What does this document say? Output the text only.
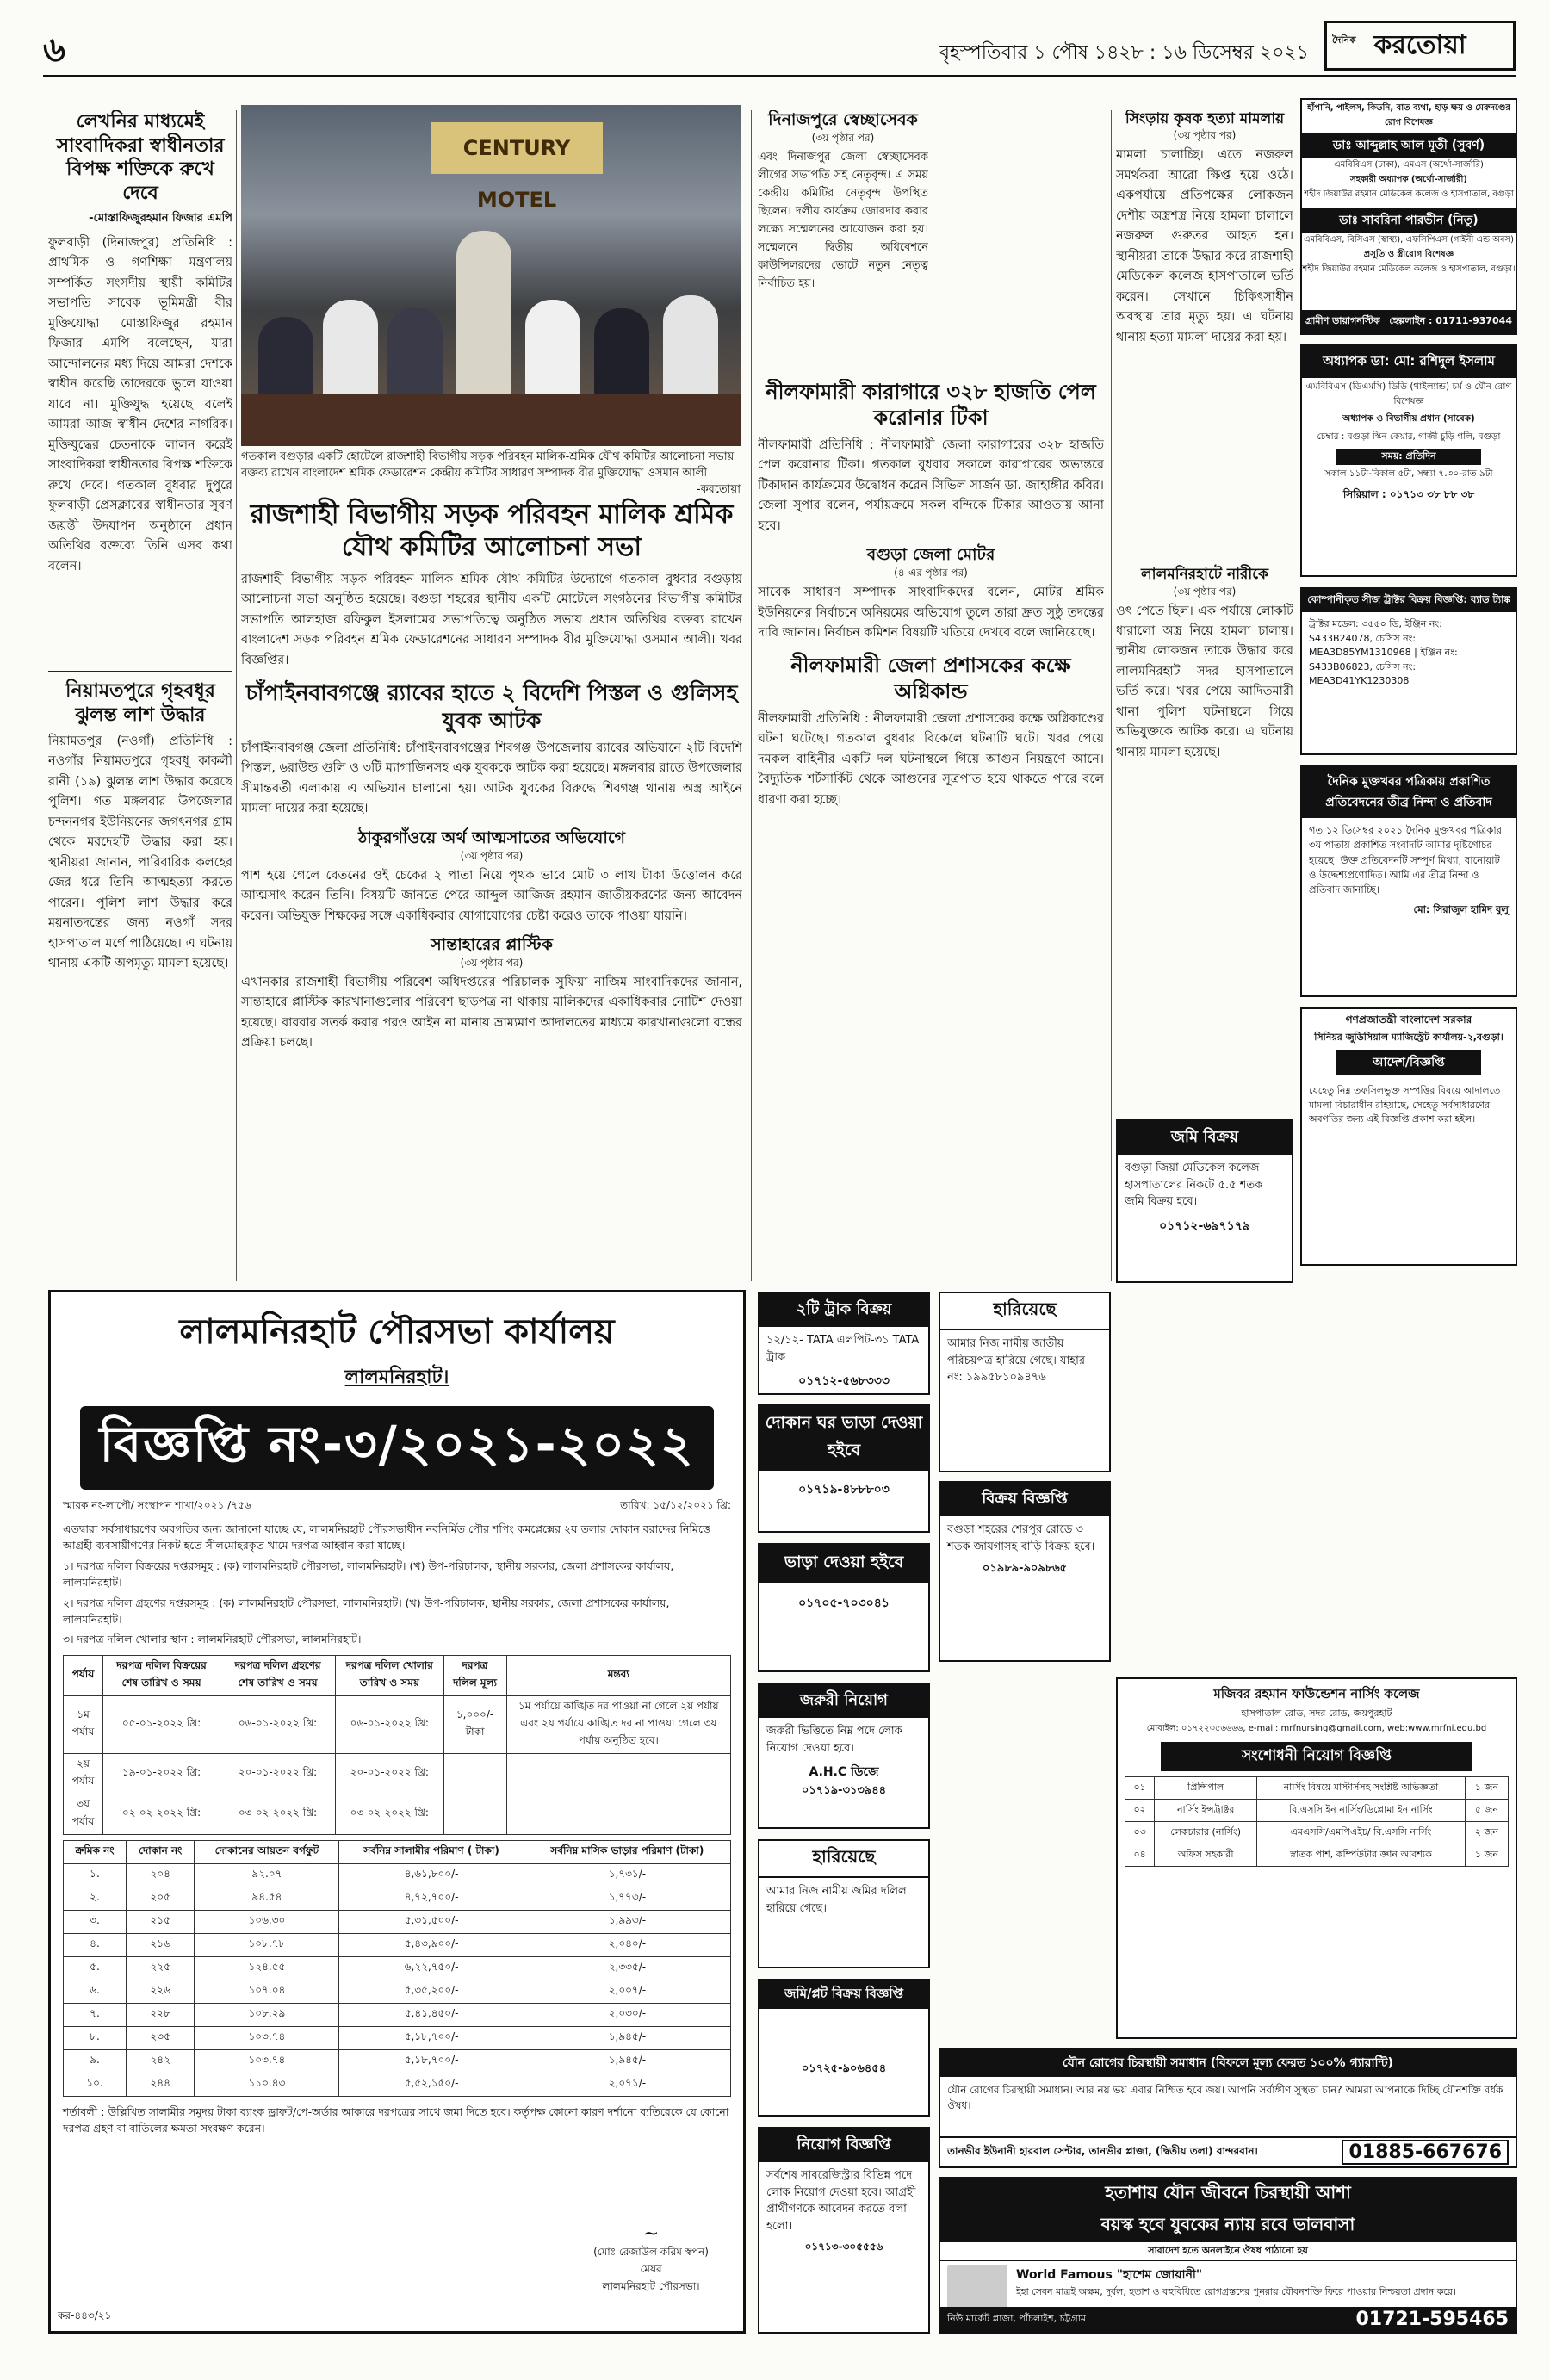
৬	বৃহস্পতিবার ১ পৌষ ১৪২৮ : ১৬ ডিসেম্বর ২০২১
দৈনিক করতোয়া
লেখনির মাধ্যমেই সাংবাদিকরা স্বাধীনতার বিপক্ষ শক্তিকে রুখে দেবে
-মোস্তাফিজুরহমান ফিজার এমপি
ফুলবাড়ী (দিনাজপুর) প্রতিনিধি : প্রাথমিক ও গণশিক্ষা মন্ত্রণালয় সম্পর্কিত সংসদীয় স্থায়ী কমিটির সভাপতি সাবেক ভূমিমন্ত্রী বীর মুক্তিযোদ্ধা মোস্তাফিজুর রহমান ফিজার এমপি বলেছেন, যারা আন্দোলনের মধ্য দিয়ে আমরা দেশকে স্বাধীন করেছি তাদেরকে ভুলে যাওয়া যাবে না। মুক্তিযুদ্ধ হয়েছে বলেই আমরা আজ স্বাধীন দেশের নাগরিক। মুক্তিযুদ্ধের চেতনাকে লালন করেই সাংবাদিকরা স্বাধীনতার বিপক্ষ শক্তিকে রুখে দেবে। গতকাল বুধবার দুপুরে ফুলবাড়ী প্রেসক্লাবের স্বাধীনতার সুবর্ণ জয়ন্তী উদযাপন অনুষ্ঠানে প্রধান অতিথির বক্তব্যে তিনি এসব কথা বলেন।
নিয়ামতপুরে গৃহবধূর ঝুলন্ত লাশ উদ্ধার
নিয়ামতপুর (নওগাঁ) প্রতিনিধি : নওগাঁর নিয়ামতপুরে গৃহবধূ কাকলী রানী (১৯) ঝুলন্ত লাশ উদ্ধার করেছে পুলিশ। গত মঙ্গলবার উপজেলার চন্দননগর ইউনিয়নের জগৎনগর গ্রাম থেকে মরদেহটি উদ্ধার করা হয়। স্থানীয়রা জানান, পারিবারিক কলহের জের ধরে তিনি আত্মহত্যা করতে পারেন। পুলিশ লাশ উদ্ধার করে ময়নাতদন্তের জন্য নওগাঁ সদর হাসপাতাল মর্গে পাঠিয়েছে। এ ঘটনায় থানায় একটি অপমৃত্যু মামলা হয়েছে।
CENTURY MOTEL
গতকাল বগুড়ার একটি হোটেলে রাজশাহী বিভাগীয় সড়ক পরিবহন মালিক-শ্রমিক যৌথ কমিটির আলোচনা সভায় বক্তব্য রাখেন বাংলাদেশ শ্রমিক ফেডারেশন কেন্দ্রীয় কমিটির সাধারণ সম্পাদক বীর মুক্তিযোদ্ধা ওসমান আলী
-করতোয়া
রাজশাহী বিভাগীয় সড়ক পরিবহন মালিক শ্রমিক যৌথ কমিটির আলোচনা সভা
রাজশাহী বিভাগীয় সড়ক পরিবহন মালিক শ্রমিক যৌথ কমিটির উদ্যোগে গতকাল বুধবার বগুড়ায় আলোচনা সভা অনুষ্ঠিত হয়েছে। বগুড়া শহরের স্থানীয় একটি মোটেলে সংগঠনের বিভাগীয় কমিটির সভাপতি আলহাজ রফিকুল ইসলামের সভাপতিত্বে অনুষ্ঠিত সভায় প্রধান অতিথির বক্তব্য রাখেন বাংলাদেশ সড়ক পরিবহন শ্রমিক ফেডারেশনের সাধারণ সম্পাদক বীর মুক্তিযোদ্ধা ওসমান আলী। খবর বিজ্ঞপ্তির।
চাঁপাইনবাবগঞ্জে র‌্যাবের হাতে ২ বিদেশি পিস্তল ও গুলিসহ যুবক আটক
চাঁপাইনবাবগঞ্জ জেলা প্রতিনিধি: চাঁপাইনবাবগঞ্জের শিবগঞ্জ উপজেলায় র‌্যাবের অভিযানে ২টি বিদেশি পিস্তল, ৬রাউন্ড গুলি ও ৩টি ম্যাগাজিনসহ এক যুবককে আটক করা হয়েছে। মঙ্গলবার রাতে উপজেলার সীমান্তবর্তী এলাকায় এ অভিযান চালানো হয়। আটক যুবকের বিরুদ্ধে শিবগঞ্জ থানায় অস্ত্র আইনে মামলা দায়ের করা হয়েছে।
ঠাকুরগাঁওয়ে অর্থ আত্মসাতের অভিযোগে
(৩য় পৃষ্ঠার পর)
পাশ হয়ে গেলে বেতনের ওই চেকের ২ পাতা নিয়ে পৃথক ভাবে মোট ৩ লাখ টাকা উত্তোলন করে আত্মসাৎ করেন তিনি। বিষয়টি জানতে পেরে আব্দুল আজিজ রহমান জাতীয়করণের জন্য আবেদন করেন। অভিযুক্ত শিক্ষকের সঙ্গে একাধিকবার যোগাযোগের চেষ্টা করেও তাকে পাওয়া যায়নি।
সান্তাহারের প্লাস্টিক
(৩য় পৃষ্ঠার পর)
এখানকার রাজশাহী বিভাগীয় পরিবেশ অধিদপ্তরের পরিচালক সুফিয়া নাজিম সাংবাদিকদের জানান, সান্তাহারে প্লাস্টিক কারখানাগুলোর পরিবেশ ছাড়পত্র না থাকায় মালিকদের একাধিকবার নোটিশ দেওয়া হয়েছে। বারবার সতর্ক করার পরও আইন না মানায় ভ্রাম্যমাণ আদালতের মাধ্যমে কারখানাগুলো বন্ধের প্রক্রিয়া চলছে।
দিনাজপুরে স্বেচ্ছাসেবক
(৩য় পৃষ্ঠার পর)
এবং দিনাজপুর জেলা স্বেচ্ছাসেবক লীগের সভাপতি সহ নেতৃবৃন্দ। এ সময় কেন্দ্রীয় কমিটির নেতৃবৃন্দ উপস্থিত ছিলেন। দলীয় কার্যক্রম জোরদার করার লক্ষ্যে সম্মেলনের আয়োজন করা হয়। সম্মেলনে দ্বিতীয় অধিবেশনে কাউন্সিলরদের ভোটে নতুন নেতৃত্ব নির্বাচিত হয়।
নীলফামারী কারাগারে ৩২৮ হাজতি পেল করোনার টিকা
নীলফামারী প্রতিনিধি : নীলফামারী জেলা কারাগারের ৩২৮ হাজতি পেল করোনার টিকা। গতকাল বুধবার সকালে কারাগারের অভ্যন্তরে টিকাদান কার্যক্রমের উদ্বোধন করেন সিভিল সার্জন ডা. জাহাঙ্গীর কবির। জেলা সুপার বলেন, পর্যায়ক্রমে সকল বন্দিকে টিকার আওতায় আনা হবে।
বগুড়া জেলা মোটর
(৪-এর পৃষ্ঠার পর)
সাবেক সাধারণ সম্পাদক সাংবাদিকদের বলেন, মোটর শ্রমিক ইউনিয়নের নির্বাচনে অনিয়মের অভিযোগ তুলে তারা দ্রুত সুষ্ঠু তদন্তের দাবি জানান। নির্বাচন কমিশন বিষয়টি খতিয়ে দেখবে বলে জানিয়েছে।
নীলফামারী জেলা প্রশাসকের কক্ষে অগ্নিকান্ড
নীলফামারী প্রতিনিধি : নীলফামারী জেলা প্রশাসকের কক্ষে অগ্নিকাণ্ডের ঘটনা ঘটেছে। গতকাল বুধবার বিকেলে ঘটনাটি ঘটে। খবর পেয়ে দমকল বাহিনীর একটি দল ঘটনাস্থলে গিয়ে আগুন নিয়ন্ত্রণে আনে। বৈদ্যুতিক শর্টসার্কিট থেকে আগুনের সূত্রপাত হয়ে থাকতে পারে বলে ধারণা করা হচ্ছে।
সিংড়ায় কৃষক হত্যা মামলায়
(৩য় পৃষ্ঠার পর)
মামলা চালাচ্ছি। এতে নজরুল সমর্থকরা আরো ক্ষিপ্ত হয়ে ওঠে। একপর্যায়ে প্রতিপক্ষের লোকজন দেশীয় অস্ত্রশস্ত্র নিয়ে হামলা চালালে নজরুল গুরুতর আহত হন। স্থানীয়রা তাকে উদ্ধার করে রাজশাহী মেডিকেল কলেজ হাসপাতালে ভর্তি করেন। সেখানে চিকিৎসাধীন অবস্থায় তার মৃত্যু হয়। এ ঘটনায় থানায় হত্যা মামলা দায়ের করা হয়।
লালমনিরহাটে নারীকে
(৩য় পৃষ্ঠার পর)
ওৎ পেতে ছিল। এক পর্যায়ে লোকটি ধারালো অস্ত্র নিয়ে হামলা চালায়। স্থানীয় লোকজন তাকে উদ্ধার করে লালমনিরহাট সদর হাসপাতালে ভর্তি করে। খবর পেয়ে আদিতমারী থানা পুলিশ ঘটনাস্থলে গিয়ে অভিযুক্তকে আটক করে। এ ঘটনায় থানায় মামলা হয়েছে।
হাঁপানি, পাইলস, কিডনি, বাত ব্যথা, হাড় ক্ষয় ও মেরুদণ্ডের রোগ বিশেষজ্ঞ
ডাঃ আব্দুল্লাহ আল মূতী (সুবর্ণ)
এমবিবিএস (ঢাকা), এমএস (অর্থো-সার্জারি)
সহকারী অধ্যাপক (অর্থো-সার্জারী)
শহীদ জিয়াউর রহমান মেডিকেল কলেজ ও হাসপাতাল, বগুড়া
ডাঃ সাবরিনা পারভীন (নিতু)
এমবিবিএস, বিসিএস (স্বাস্থ্য), এফসিপিএস (গাইনী এন্ড অবস)
প্রসূতি ও স্ত্রীরোগ বিশেষজ্ঞ
শহীদ জিয়াউর রহমান মেডিকেল কলেজ ও হাসপাতাল, বগুড়া।
গ্রামীণ ডায়াগনস্টিক হেল্পলাইন : 01711-937044
অধ্যাপক ডা: মো: রশিদুল ইসলাম
এমবিবিএস (ডিএমসি) ডিডি (থাইল্যান্ড) চর্ম ও যৌন রোগ বিশেষজ্ঞ
অধ্যাপক ও বিভাগীয় প্রধান (সাবেক)
চেম্বার : বগুড়া স্কিন কেয়ার, গাজী চুড়ি গলি, বগুড়া
সময়: প্রতিদিন
সকাল ১১টা-বিকাল ৫টা, সন্ধ্যা ৭.৩০-রাত ৯টা
সিরিয়াল : ০১৭১৩ ৩৮ ৮৮ ৩৮
কোম্পানীকৃত সীজ ট্রাক্টর বিক্রয় বিজ্ঞপ্তি: ব্যাড ট্যাঙ্ক
ট্রাক্টর মডেল: ৩৫৫০ ডি, ইঞ্জিন নং: S433B24078, চেসিস নং: MEA3D85YM1310968 | ইঞ্জিন নং: S433B06823, চেসিস নং: MEA3D41YK1230308
দৈনিক মুক্তখবর পত্রিকায় প্রকাশিত প্রতিবেদনের তীব্র নিন্দা ও প্রতিবাদ
গত ১২ ডিসেম্বর ২০২১ দৈনিক মুক্তখবর পত্রিকার ৩য় পাতায় প্রকাশিত সংবাদটি আমার দৃষ্টিগোচর হয়েছে। উক্ত প্রতিবেদনটি সম্পূর্ণ মিথ্যা, বানোয়াট ও উদ্দেশ্যপ্রণোদিত। আমি এর তীব্র নিন্দা ও প্রতিবাদ জানাচ্ছি।
মো: সিরাজুল হামিদ বুলু
গণপ্রজাতন্ত্রী বাংলাদেশ সরকার
সিনিয়র জুডিসিয়াল ম্যাজিস্ট্রেট কার্যালয়-২,বগুড়া।
আদেশ/বিজ্ঞপ্তি
যেহেতু নিম্ন তফসিলভুক্ত সম্পত্তির বিষয়ে আদালতে মামলা বিচারাধীন রহিয়াছে, সেহেতু সর্বসাধারণের অবগতির জন্য এই বিজ্ঞপ্তি প্রকাশ করা হইল।
জমি বিক্রয়
বগুড়া জিয়া মেডিকেল কলেজ হাসপাতালের নিকটে ৫.৫ শতক জমি বিক্রয় হবে।
০১৭১২-৬৯৭১৭৯
২টি ট্রাক বিক্রয়
১২/১২- TATA এলপিট-৩১ TATA ট্রাক
০১৭১২-৫৬৮৩৩৩
হারিয়েছে
আমার নিজ নামীয় জাতীয় পরিচয়পত্র হারিয়ে গেছে। যাহার নং: ১৯৯৫৮১০৯৪৭৬
দোকান ঘর ভাড়া দেওয়া হইবে
০১৭১৯-৪৮৮৮০৩	বিক্রয় বিজ্ঞপ্তি
বগুড়া শহরের শেরপুর রোডে ৩ শতক জায়গাসহ বাড়ি বিক্রয় হবে।
০১৯৮৯-৯০৯৮৬৫
ভাড়া দেওয়া হইবে
০১৭০৫-৭০৩০৪১
মজিবর রহমান ফাউন্ডেশন নার্সিং কলেজ
হাসপাতাল রোড, সদর রোড, জয়পুরহাট
মোবাইল: ০১৭২২৩৫৬৬৬৬, e-mail: mrfnursing@gmail.com, web:www.mrfni.edu.bd
সংশোধনী নিয়োগ বিজ্ঞপ্তি
০১	প্রিন্সিপাল	নার্সিং বিষয়ে মাস্টার্সসহ সংশ্লিষ্ট অভিজ্ঞতা	১ জন
০২	নার্সিং ইন্সট্রাক্টর	বি.এসসি ইন নার্সিং/ডিপ্লোমা ইন নার্সিং	৫ জন
০৩	লেকচারার (নার্সিং)	এমএসসি/এমপিএইচ/ বি.এসসি নার্সিং	২ জন
০৪	অফিস সহকারী	স্নাতক পাশ, কম্পিউটার জ্ঞান আবশ্যক	১ জন
জরুরী নিয়োগ
জরুরী ভিত্তিতে নিম্ন পদে লোক নিয়োগ দেওয়া হবে।
A.H.C ডিজে
০১৭১৯-৩১৩৯৪৪
হারিয়েছে
আমার নিজ নামীয় জমির দলিল হারিয়ে গেছে।
জমি/প্লট বিক্রয় বিজ্ঞপ্তি
০১৭২৫-৯০৬৪৫৪
নিয়োগ বিজ্ঞপ্তি
সর্বশেষ সাবরেজিস্ট্রার বিভিন্ন পদে লোক নিয়োগ দেওয়া হবে। আগ্রহী প্রার্থীগণকে আবেদন করতে বলা হলো।
০১৭১৩-৩০৫৫৫৬
যৌন রোগের চিরস্থায়ী সমাধান (বিফলে মূল্য ফেরত ১০০% গ্যারান্টি)
যৌন রোগের চিরস্থায়ী সমাধান। আর নয় ভয় এবার নিশ্চিত হবে জয়। আপনি সর্বাঙ্গীণ সুস্থতা চান? আমরা আপনাকে দিচ্ছি যৌনশক্তি বর্ধক ঔষধ।
তানভীর ইউনানী হারবাল সেন্টার, তানভীর প্লাজা, (দ্বিতীয় তলা) বান্দরবান।	01885-667676
হতাশায় যৌন জীবনে চিরস্থায়ী আশা
বয়স্ক হবে যুবকের ন্যায় রবে ভালবাসা
সারাদেশ হতে অনলাইনে ঔষধ পাঠানো হয়
World Famous "হাশেম জোয়ানী"
ইহা সেবন মাত্রই অক্ষম, দুর্বল, হতাশ ও বহুবিধিতে রোগগ্রস্তদের পুনরায় যৌবনশক্তি ফিরে পাওয়ার নিশ্চয়তা প্রদান করে।
নিউ মার্কেট প্লাজা, পাঁচলাইশ, চট্টগ্রাম	01721-595465
লালমনিরহাট পৌরসভা কার্যালয়
লালমনিরহাট।
বিজ্ঞপ্তি নং-৩/২০২১-২০২২
স্মারক নং-লাপৌ/ সংস্থাপন শাখা/২০২১ /৭৫৬	তারিখ: ১৫/১২/২০২১ খ্রি:

এতদ্বারা সর্বসাধারণের অবগতির জন্য জানানো যাচ্ছে যে, লালমনিরহাট পৌরসভাধীন নবনির্মিত পৌর শপিং কমপ্লেক্সের ২য় তলার দোকান বরাদ্দের নিমিত্তে আগ্রহী ব্যবসায়ীগণের নিকট হতে সীলমোহরকৃত খামে দরপত্র আহ্বান করা যাচ্ছে।

১। দরপত্র দলিল বিক্রয়ের দপ্তরসমূহ : (ক) লালমনিরহাট পৌরসভা, লালমনিরহাট। (খ) উপ-পরিচালক, স্থানীয় সরকার, জেলা প্রশাসকের কার্যালয়, লালমনিরহাট।

২। দরপত্র দলিল গ্রহণের দপ্তরসমূহ : (ক) লালমনিরহাট পৌরসভা, লালমনিরহাট। (খ) উপ-পরিচালক, স্থানীয় সরকার, জেলা প্রশাসকের কার্যালয়, লালমনিরহাট।

৩। দরপত্র দলিল খোলার স্থান : লালমনিরহাট পৌরসভা, লালমনিরহাট।

পর্যায়	দরপত্র দলিল বিক্রয়ের শেষ তারিখ ও সময়	দরপত্র দলিল গ্রহণের শেষ তারিখ ও সময়	দরপত্র দলিল খোলার তারিখ ও সময়	দরপত্র দলিল মূল্য	মন্তব্য
১ম পর্যায়	০৫-০১-২০২২ খ্রি:	০৬-০১-২০২২ খ্রি:	০৬-০১-২০২২ খ্রি:	১,০০০/-টাকা	১ম পর্যায়ে কাঙ্খিত দর পাওয়া না গেলে ২য় পর্যায় এবং ২য় পর্যায়ে কাঙ্খিত দর না পাওয়া গেলে ৩য় পর্যায় অনুষ্ঠিত হবে।
২য় পর্যায়	১৯-০১-২০২২ খ্রি:	২০-০১-২০২২ খ্রি:	২০-০১-২০২২ খ্রি:		
৩য় পর্যায়	০২-০২-২০২২ খ্রি:	০৩-০২-২০২২ খ্রি:	০৩-০২-২০২২ খ্রি:		
ক্রমিক নং	দোকান নং	দোকানের আয়তন বর্গফুট	সর্বনিম্ন সালামীর পরিমাণ ( টাকা)	সর্বনিম্ন মাসিক ভাড়ার পরিমাণ (টাকা)
১.	২০৪	৯২.০৭	৪,৬১,৮০০/-	১,৭৩১/-
২.	২০৫	৯৪.৫৪	৪,৭২,৭০০/-	১,৭৭৩/-
৩.	২১৫	১০৬.৩০	৫,৩১,৫০০/-	১,৯৯৩/-
৪.	২১৬	১০৮.৭৮	৫,৪৩,৯০০/-	২,০৪০/-
৫.	২২৫	১২৪.৫৫	৬,২২,৭৫০/-	২,৩৩৫/-
৬.	২২৬	১০৭.০৪	৫,৩৫,২০০/-	২,০০৭/-
৭.	২২৮	১০৮.২৯	৫,৪১,৪৫০/-	২,০৩০/-
৮.	২৩৫	১০৩.৭৪	৫,১৮,৭০০/-	১,৯৪৫/-
৯.	২৪২	১০৩.৭৪	৫,১৮,৭০০/-	১,৯৪৫/-
১০.	২৪৪	১১০.৪৩	৫,৫২,১৫০/-	২,০৭১/-

শর্তাবলী : উল্লিখিত সালামীর সমুদয় টাকা ব্যাংক ড্রাফট/পে-অর্ডার আকারে দরপত্রের সাথে জমা দিতে হবে। কর্তৃপক্ষ কোনো কারণ দর্শানো ব্যতিরেকে যে কোনো দরপত্র গ্রহণ বা বাতিলের ক্ষমতা সংরক্ষণ করেন।

~
(মোঃ রেজাউল করিম স্বপন)
মেয়র
লালমনিরহাট পৌরসভা।
কর-৪৪৩/২১
